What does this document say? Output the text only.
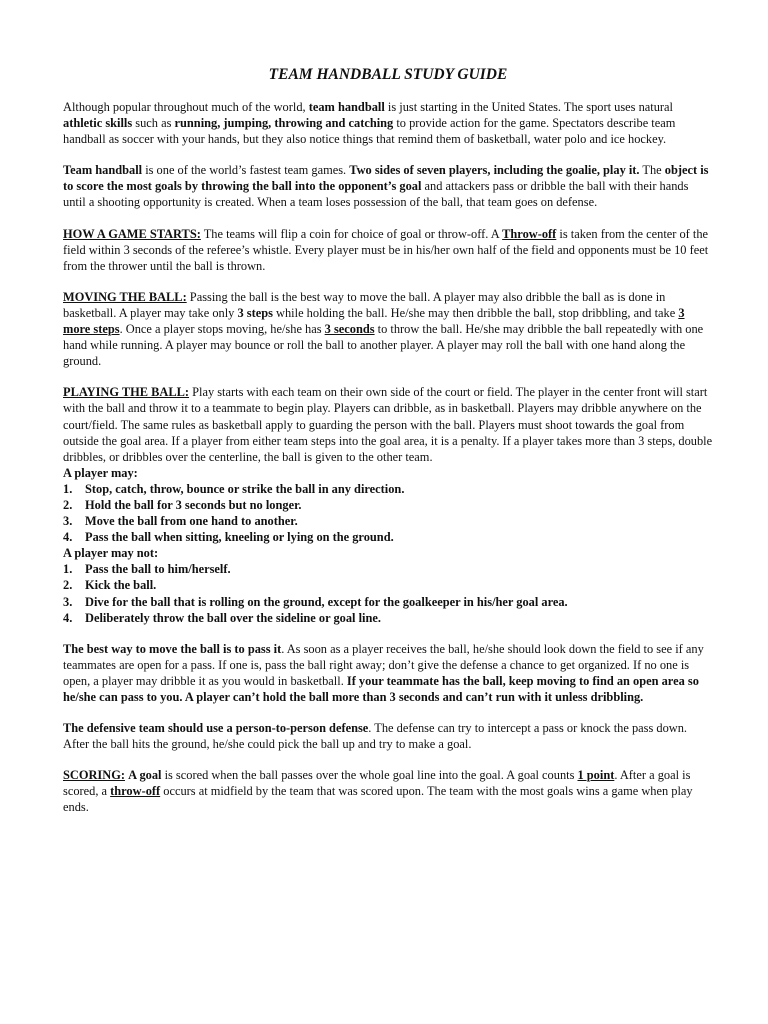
TEAM HANDBALL STUDY GUIDE

Although popular throughout much of the world, team handball is just starting in the United States. The sport uses natural athletic skills such as running, jumping, throwing and catching to provide action for the game. Spectators describe team handball as soccer with your hands, but they also notice things that remind them of basketball, water polo and ice hockey.

Team handball is one of the world’s fastest team games. Two sides of seven players, including the goalie, play it. The object is to score the most goals by throwing the ball into the opponent’s goal and attackers pass or dribble the ball with their hands until a shooting opportunity is created. When a team loses possession of the ball, that team goes on defense.

HOW A GAME STARTS: The teams will flip a coin for choice of goal or throw-off. A Throw-off is taken from the center of the field within 3 seconds of the referee’s whistle. Every player must be in his/her own half of the field and opponents must be 10 feet from the thrower until the ball is thrown.

MOVING THE BALL: Passing the ball is the best way to move the ball. A player may also dribble the ball as is done in basketball. A player may take only 3 steps while holding the ball. He/she may then dribble the ball, stop dribbling, and take 3 more steps. Once a player stops moving, he/she has 3 seconds to throw the ball. He/she may dribble the ball repeatedly with one hand while running. A player may bounce or roll the ball to another player. A player may roll the ball with one hand along the ground.

PLAYING THE BALL: Play starts with each team on their own side of the court or field. The player in the center front will start with the ball and throw it to a teammate to begin play. Players can dribble, as in basketball. Players may dribble anywhere on the court/field. The same rules as basketball apply to guarding the person with the ball. Players must shoot towards the goal from outside the goal area. If a player from either team steps into the goal area, it is a penalty. If a player takes more than 3 steps, double dribbles, or dribbles over the centerline, the ball is given to the other team.

A player may:
1. Stop, catch, throw, bounce or strike the ball in any direction.
2. Hold the ball for 3 seconds but no longer.
3. Move the ball from one hand to another.
4. Pass the ball when sitting, kneeling or lying on the ground.
A player may not:
1. Pass the ball to him/herself.
2. Kick the ball.
3. Dive for the ball that is rolling on the ground, except for the goalkeeper in his/her goal area.
4. Deliberately throw the ball over the sideline or goal line.

The best way to move the ball is to pass it. As soon as a player receives the ball, he/she should look down the field to see if any teammates are open for a pass. If one is, pass the ball right away; don’t give the defense a chance to get organized. If no one is open, a player may dribble it as you would in basketball. If your teammate has the ball, keep moving to find an open area so he/she can pass to you. A player can’t hold the ball more than 3 seconds and can’t run with it unless dribbling.

The defensive team should use a person-to-person defense. The defense can try to intercept a pass or knock the pass down. After the ball hits the ground, he/she could pick the ball up and try to make a goal.

SCORING: A goal is scored when the ball passes over the whole goal line into the goal. A goal counts 1 point. After a goal is scored, a throw-off occurs at midfield by the team that was scored upon. The team with the most goals wins a game when play ends.
